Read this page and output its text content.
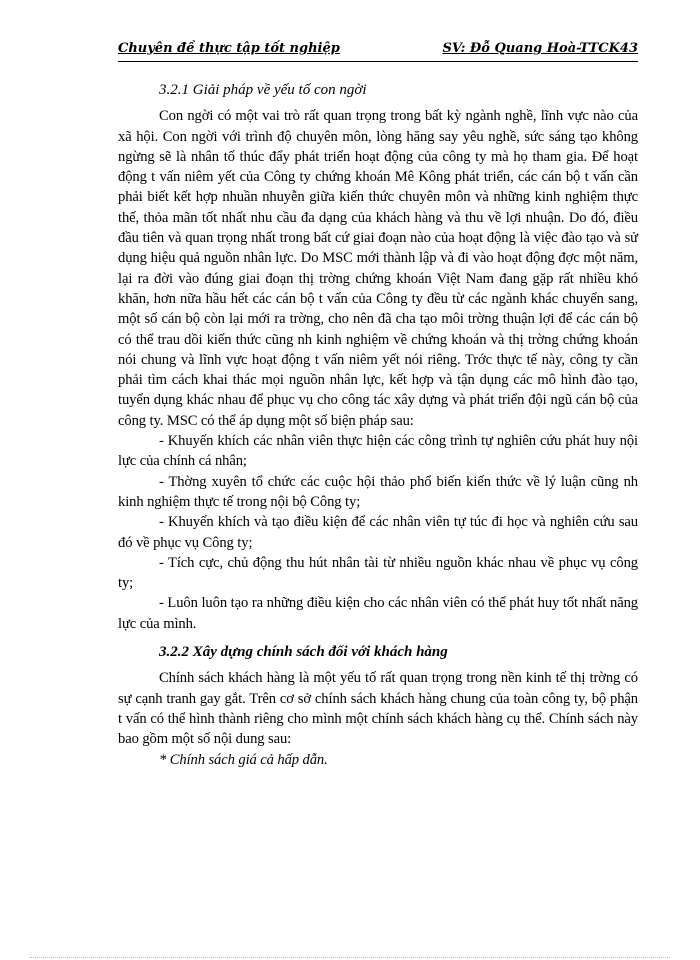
Chuyên đề thực tập tốt nghiệp	SV: Đỗ Quang Hoà-TTCK43

3.2.1 Giải pháp về yếu tố con ngời

Con ngời có một vai trò rất quan trọng trong bất kỳ ngành nghề, lĩnh vực nào của xã hội. Con ngời với trình độ chuyên môn, lòng hăng say yêu nghề, sức sáng tạo không ngừng sẽ là nhân tố thúc đẩy phát triển hoạt động của công ty mà họ tham gia. Để hoạt động t vấn niêm yết của Công ty chứng khoán Mê Kông phát triển, các cán bộ t vấn cần phải biết kết hợp nhuần nhuyễn giữa kiến thức chuyên môn và những kinh nghiệm thực thế, thỏa mãn tốt nhất nhu cầu đa dạng của khách hàng và thu về lợi nhuận. Do đó, điều đầu tiên và quan trọng nhất trong bất cứ giai đoạn nào của hoạt động là việc đào tạo và sử dụng hiệu quả nguồn nhân lực. Do MSC mới thành lập và đi vào hoạt động đợc một năm, lại ra đời vào đúng giai đoạn thị trờng chứng khoán Việt Nam đang gặp rất nhiều khó khăn, hơn nữa hầu hết các cán bộ t vấn của Công ty đều từ các ngành khác chuyển sang, một số cán bộ còn lại mới ra trờng, cho nên đã cha tạo môi trờng thuận lợi để các cán bộ có thể trau dồi kiến thức cũng nh kinh nghiệm về chứng khoán và thị trờng chứng khoán nói chung và lĩnh vực hoạt động t vấn niêm yết nói riêng. Trớc thực tế này, công ty cần phải tìm cách khai thác mọi nguồn nhân lực, kết hợp và tận dụng các mô hình đào tạo, tuyển dụng khác nhau để phục vụ cho công tác xây dựng và phát triển đội ngũ cán bộ của công ty. MSC có thể áp dụng một số biện pháp sau:

- Khuyến khích các nhân viên thực hiện các công trình tự nghiên cứu phát huy nội lực của chính cá nhân;

- Thờng xuyên tổ chức các cuộc hội thảo phổ biến kiến thức về lý luận cũng nh kinh nghiệm thực tế trong nội bộ Công ty;

- Khuyến khích và tạo điều kiện để các nhân viên tự túc đi học và nghiên cứu sau đó về phục vụ Công ty;

- Tích cực, chủ động thu hút nhân tài từ nhiều nguồn khác nhau về phục vụ công ty;

- Luôn luôn tạo ra những điều kiện cho các nhân viên có thể phát huy tốt nhất năng lực của mình.

3.2.2 Xây dựng chính sách đối với khách hàng

Chính sách khách hàng là một yếu tố rất quan trọng trong nền kinh tế thị trờng có sự cạnh tranh gay gắt. Trên cơ sở chính sách khách hàng chung của toàn công ty, bộ phận t vấn có thể hình thành riêng cho mình một chính sách khách hàng cụ thể. Chính sách này bao gồm một số nội dung sau:

* Chính sách giá cả hấp dẫn.
